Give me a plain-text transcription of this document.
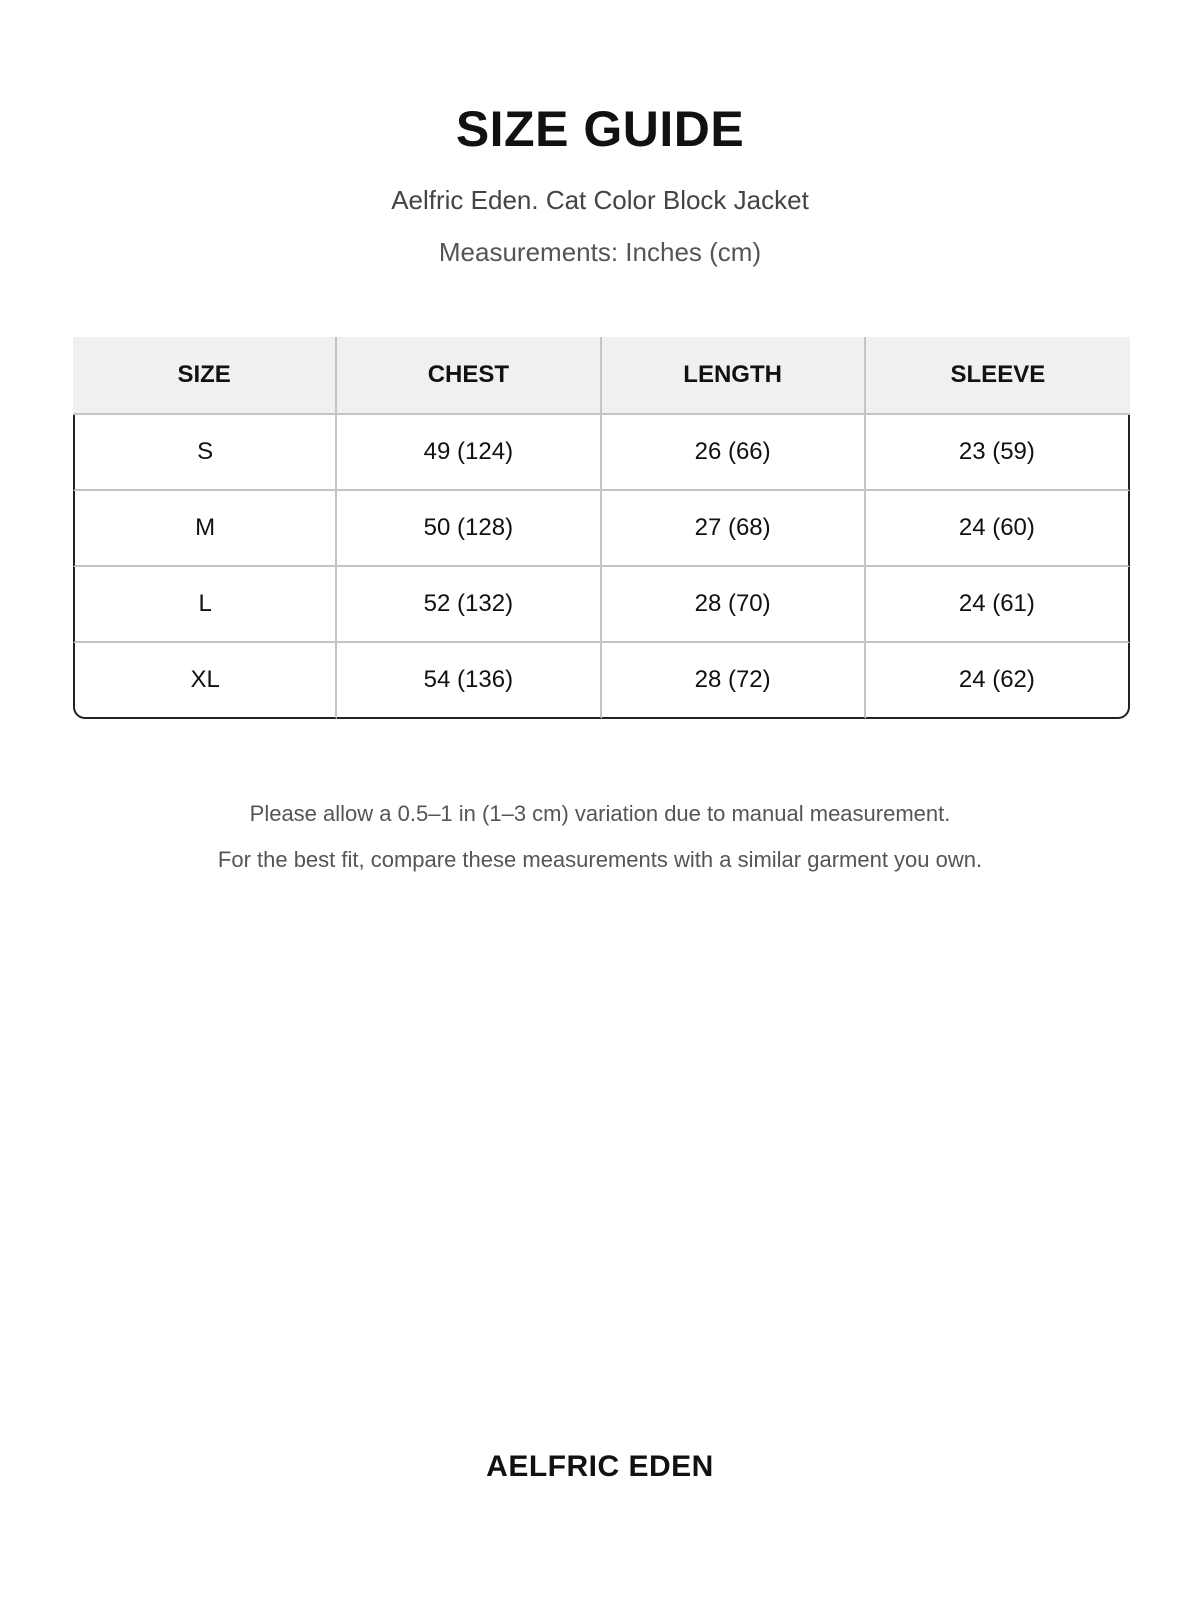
SIZE GUIDE
Aelfric Eden. Cat Color Block Jacket
Measurements: Inches (cm)
SIZE	CHEST	LENGTH	SLEEVE
S	49 (124)	26 (66)	23 (59)
M	50 (128)	27 (68)	24 (60)
L	52 (132)	28 (70)	24 (61)
XL	54 (136)	28 (72)	24 (62)
Please allow a 0.5–1 in (1–3 cm) variation due to manual measurement.
For the best fit, compare these measurements with a similar garment you own.
AELFRIC EDEN
